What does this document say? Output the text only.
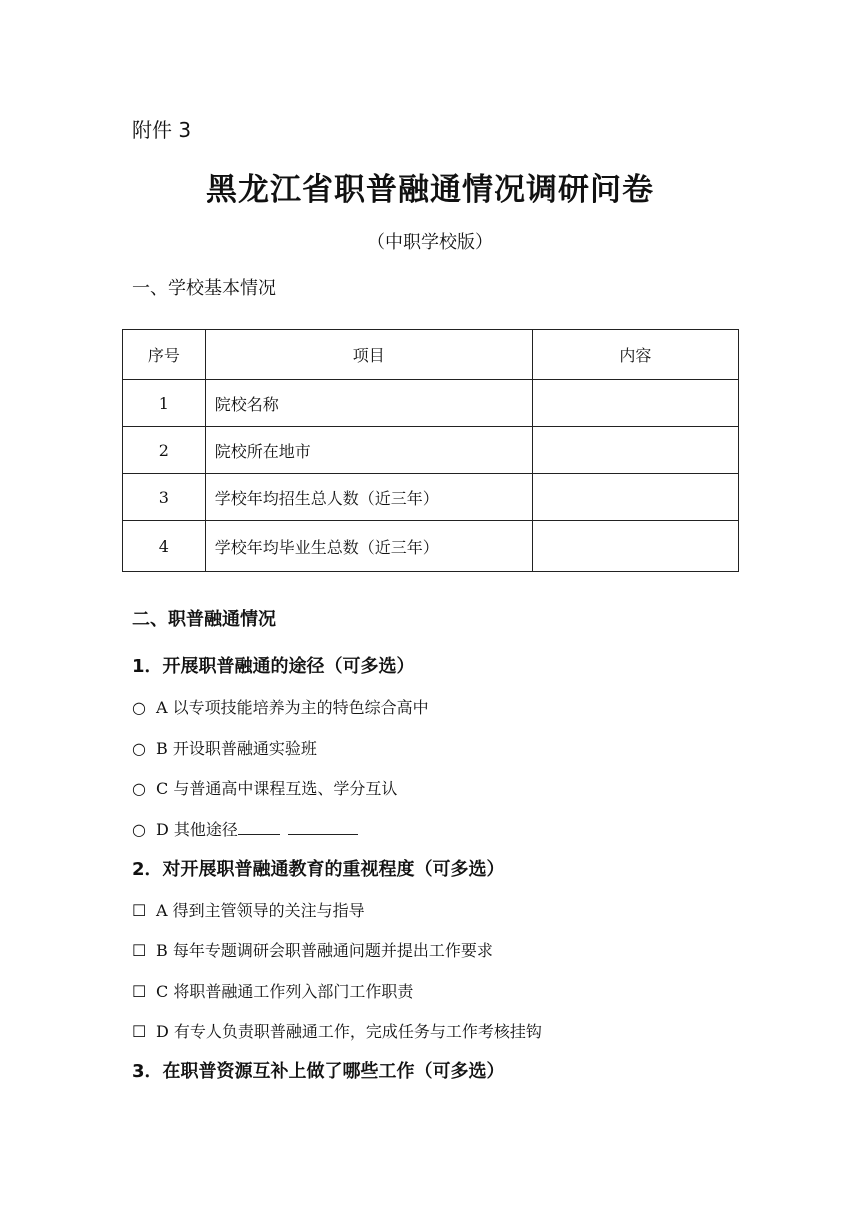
附件 3
黑龙江省职普融通情况调研问卷
（中职学校版）
一、学校基本情况
序号	项目	内容
1	院校名称	
2	院校所在地市	
3	学校年均招生总人数（近三年）	
4	学校年均毕业生总数（近三年）	
二、职普融通情况
1．开展职普融通的途径（可多选）
○ A 以专项技能培养为主的特色综合高中
○ B 开设职普融通实验班
○ C 与普通高中课程互选、学分互认
○ D 其他途径
2．对开展职普融通教育的重视程度（可多选）
☐ A 得到主管领导的关注与指导
☐ B 每年专题调研会职普融通问题并提出工作要求
☐ C 将职普融通工作列入部门工作职责
☐ D 有专人负责职普融通工作，完成任务与工作考核挂钩
3．在职普资源互补上做了哪些工作（可多选）
